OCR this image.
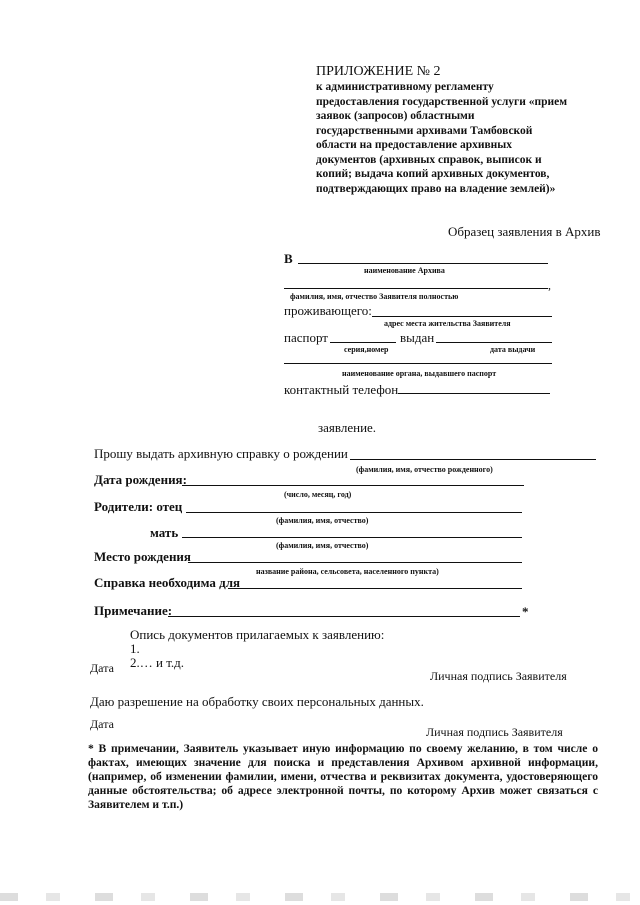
ПРИЛОЖЕНИЕ № 2
к административному регламенту
предоставления государственной услуги «прием
заявок (запросов) областными
государственными архивами Тамбовской
области на предоставление архивных
документов (архивных справок, выписок и
копий; выдача копий архивных документов,
подтверждающих право на владение землей)»
Образец заявления в Архив
В
наименование Архива
,
фамилия, имя, отчество Заявителя полностью
проживающего:
адрес места жительства Заявителя
паспорт	выдан
серия,номер	дата выдачи
наименование органа, выдавшего паспорт
контактный телефон
заявление.
Прошу выдать архивную справку о рождении
(фамилия, имя, отчество рожденного)
Дата рождения:
(число, месяц, год)
Родители: отец
(фамилия, имя, отчество)
мать
(фамилия, имя, отчество)
Место рождения
название района, сельсовета, населенного пункта)
Справка необходима для
Примечание:	*
Опись документов прилагаемых к заявлению:
1.
2.… и т.д.
Дата
Личная подпись Заявителя
Даю разрешение на обработку своих персональных данных.
Дата
Личная подпись Заявителя
* В примечании, Заявитель указывает иную информацию по своему желанию, в том числе о фактах, имеющих значение для поиска и представления Архивом архивной информации, (например, об изменении фамилии, имени, отчества и реквизитах документа, удостоверяющего данные обстоятельства; об адресе электронной почты, по которому Архив может связаться с Заявителем и т.п.)
